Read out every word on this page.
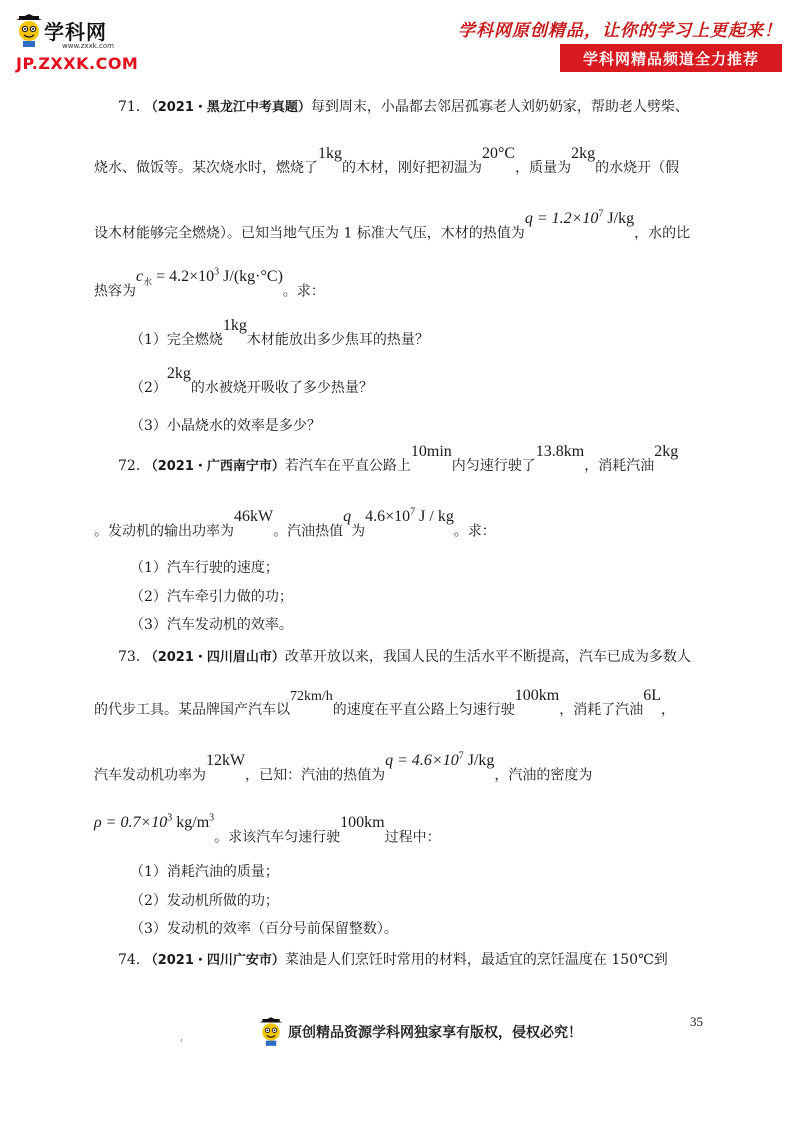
学科网
www.zxxk.com
JP.ZXXK.COM
学科网原创精品，让你的学习上更起来！
学科网精品频道全力推荐
71. （2021・黑龙江中考真题）每到周末，小晶都去邻居孤寡老人刘奶奶家，帮助老人劈柴、
烧水、做饭等。某次烧水时，燃烧了1kg的木材，刚好把初温为20°C，质量为2kg的水烧开（假
设木材能够完全燃烧）。已知当地气压为 1 标准大气压，木材的热值为$q = 1.2\times 10^7$ J/kg，水的比
热容为$c_水 = 4.2\times 10^3$ J/(kg·°C)。求：
（1）完全燃烧1kg木材能放出多少焦耳的热量？
（2）2kg的水被烧开吸收了多少热量？
（3）小晶烧水的效率是多少？
72. （2021・广西南宁市）若汽车在平直公路上10min内匀速行驶了13.8km，消耗汽油2kg
。发动机的输出功率为46kW。汽油热值q为$4.6\times 10^7$ J / kg。求：
（1）汽车行驶的速度；
（2）汽车牵引力做的功；
（3）汽车发动机的效率。
73. （2021・四川眉山市）改革开放以来，我国人民的生活水平不断提高，汽车已成为多数人
的代步工具。某品牌国产汽车以72km/h的速度在平直公路上匀速行驶100km，消耗了汽油6L，
汽车发动机功率为12kW，已知：汽油的热值为$q = 4.6\times 10^7$ J/kg，汽油的密度为
$\rho = 0.7\times 10^3$ $kg/m^3$。求该汽车匀速行驶100km过程中：
（1）消耗汽油的质量；
（2）发动机所做的功；
（3）发动机的效率（百分号前保留整数）。
74. （2021・四川广安市）菜油是人们烹饪时常用的材料，最适宜的烹饪温度在 150℃到
35
,	原创精品资源学科网独家享有版权，侵权必究！
